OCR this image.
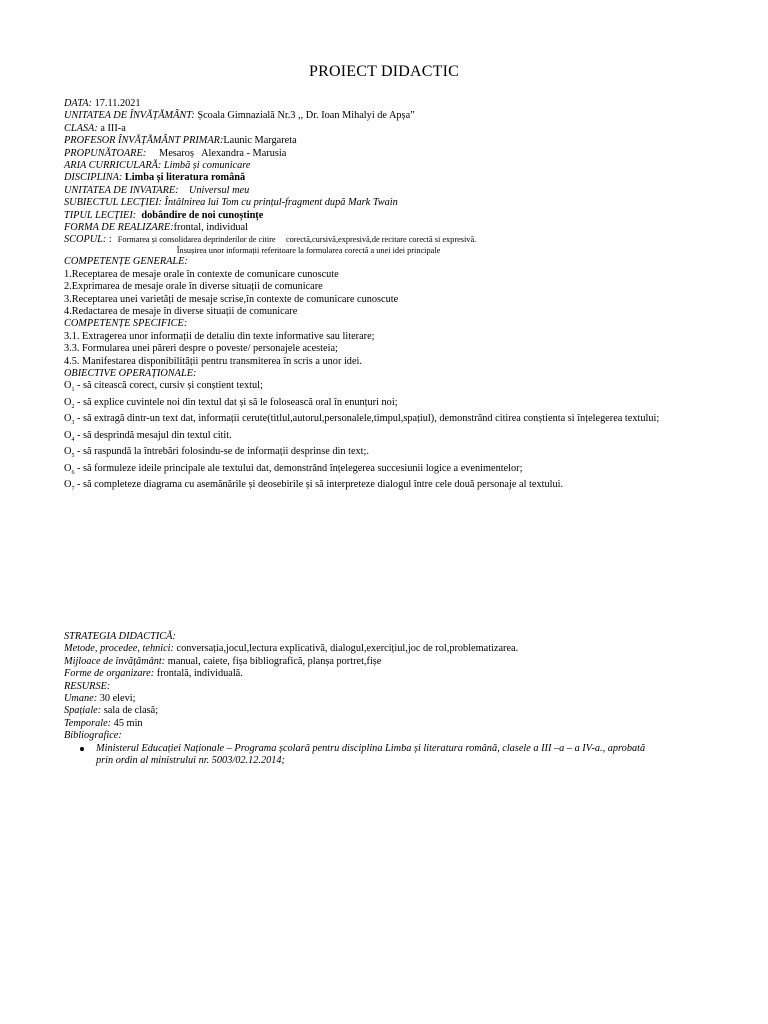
PROIECT DIDACTIC
DATA: 17.11.2021
UNITATEA DE ÎNVĂȚĂMÂNT: Școala Gimnazială Nr.3 ,, Dr. Ioan Mihalyi de Apșa”
CLASA: a III-a
PROFESOR ÎNVĂȚĂMÂNT PRIMAR:Launic Margareta
PROPUNĂTOARE:     Mesaroș   Alexandra - Marusia
ARIA CURRICULARĂ: Limbă și comunicare
DISCIPLINA: Limba și literatura română
UNITATEA DE INVATARE:    Universul meu
SUBIECTUL LECȚIEI: Întâlnirea lui Tom cu prințul-fragment după Mark Twain
TIPUL LECȚIEI:  dobândire de noi cunoștințe
FORMA DE REALIZARE:frontal, individual
SCOPUL: : Formarea și consolidarea deprinderilor de citire     corectă,cursivă,expresivă,de recitare corectă si expresivă.
Însușirea unor informații referitoare la formularea corectă a unei idei principale
COMPETENȚE GENERALE:
1.Receptarea de mesaje orale în contexte de comunicare cunoscute
2.Exprimarea de mesaje orale în diverse situații de comunicare
3.Receptarea unei varietăți de mesaje scrise,în contexte de comunicare cunoscute
4.Redactarea de mesaje în diverse situații de comunicare
COMPETENȚE SPECIFICE:
3.1. Extragerea unor informații de detaliu din texte informative sau literare;
3.3. Formularea unei păreri despre o poveste/ personajele acesteia;
4.5. Manifestarea disponibilității pentru transmiterea în scris a unor idei.
OBIECTIVE OPERAȚIONALE:
$O_1$ - să citească corect, cursiv și conștient textul;
$O_2$ - să explice cuvintele noi din textul dat și să le folosească oral în enunțuri noi;
$O_3$ - să extragă dintr-un text dat, informații cerute(titlul,autorul,personalele,timpul,spațiul), demonstrând citirea conștienta si înțelegerea textului;
$O_4$ - să desprindă mesajul din textul citit.
$O_5$ - să raspundă la întrebări folosindu-se de informații desprinse din text;.
$O_6$ - să formuleze ideile principale ale textului dat, demonstrând înțelegerea succesiunii logice a evenimentelor;
$O_7$ - să completeze diagrama cu asemănările și deosebirile și să interpreteze dialogul între cele două personaje al textului.
STRATEGIA DIDACTICĂ:
Metode, procedee, tehnici: conversația,jocul,lectura explicativă, dialogul,exercițiul,joc de rol,problematizarea.
Mijloace de învățământ: manual, caiete, fișa bibliografică, planșa portret,fișe
Forme de organizare: frontală, individuală.
RESURSE:
Umane: 30 elevi;
Spațiale: sala de clasă;
Temporale: 45 min
Bibliografice:
Ministerul Educației Naționale – Programa școlară pentru disciplina Limba și literatura română, clasele a III –a – a IV-a., aprobată
prin ordin al ministrului nr. 5003/02.12.2014;
